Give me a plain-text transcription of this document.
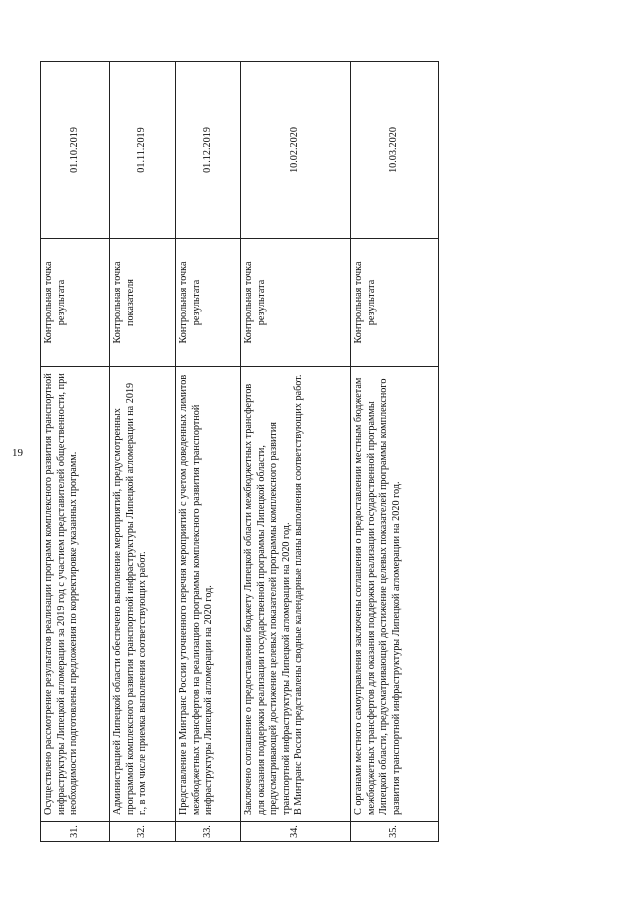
19
31.	Осуществлено рассмотрение результатов реализации программ комплексного развития транспортной инфраструктуры Липецкой агломерации за 2019 год с участием представителей общественности, при необходимости подготовлены предложения по корректировке указанных программ.	Контрольная точка результата	01.10.2019
32.	Администрацией Липецкой области обеспечено выполнение мероприятий, предусмотренных программой комплексного развития транспортной инфраструктуры Липецкой агломерации на 2019 г., в том числе приемка выполнения соответствующих работ.	Контрольная точка показателя	01.11.2019
33.	Представление в Минтранс России уточненного перечня мероприятий с учетом доведенных лимитов межбюджетных трансфертов на реализацию программы комплексного развития транспортной инфраструктуры Липецкой агломерации на 2020 год.	Контрольная точка результата	01.12.2019
34.	Заключено соглашение о предоставлении бюджету Липецкой области межбюджетных трансфертов для оказания поддержки реализации государственной программы Липецкой области, предусматривающей достижение целевых показателей программы комплексного развития транспортной инфраструктуры Липецкой агломерации на 2020 год.
В Минтранс России представлены сводные календарные планы выполнения соответствующих работ.	Контрольная точка результата	10.02.2020
35.	С органами местного самоуправления заключены соглашения о предоставлении местным бюджетам межбюджетных трансфертов для оказания поддержки реализации государственной программы Липецкой области, предусматривающей достижение целевых показателей программы комплексного развития транспортной инфраструктуры Липецкой агломерации на 2020 год.	Контрольная точка результата	10.03.2020
